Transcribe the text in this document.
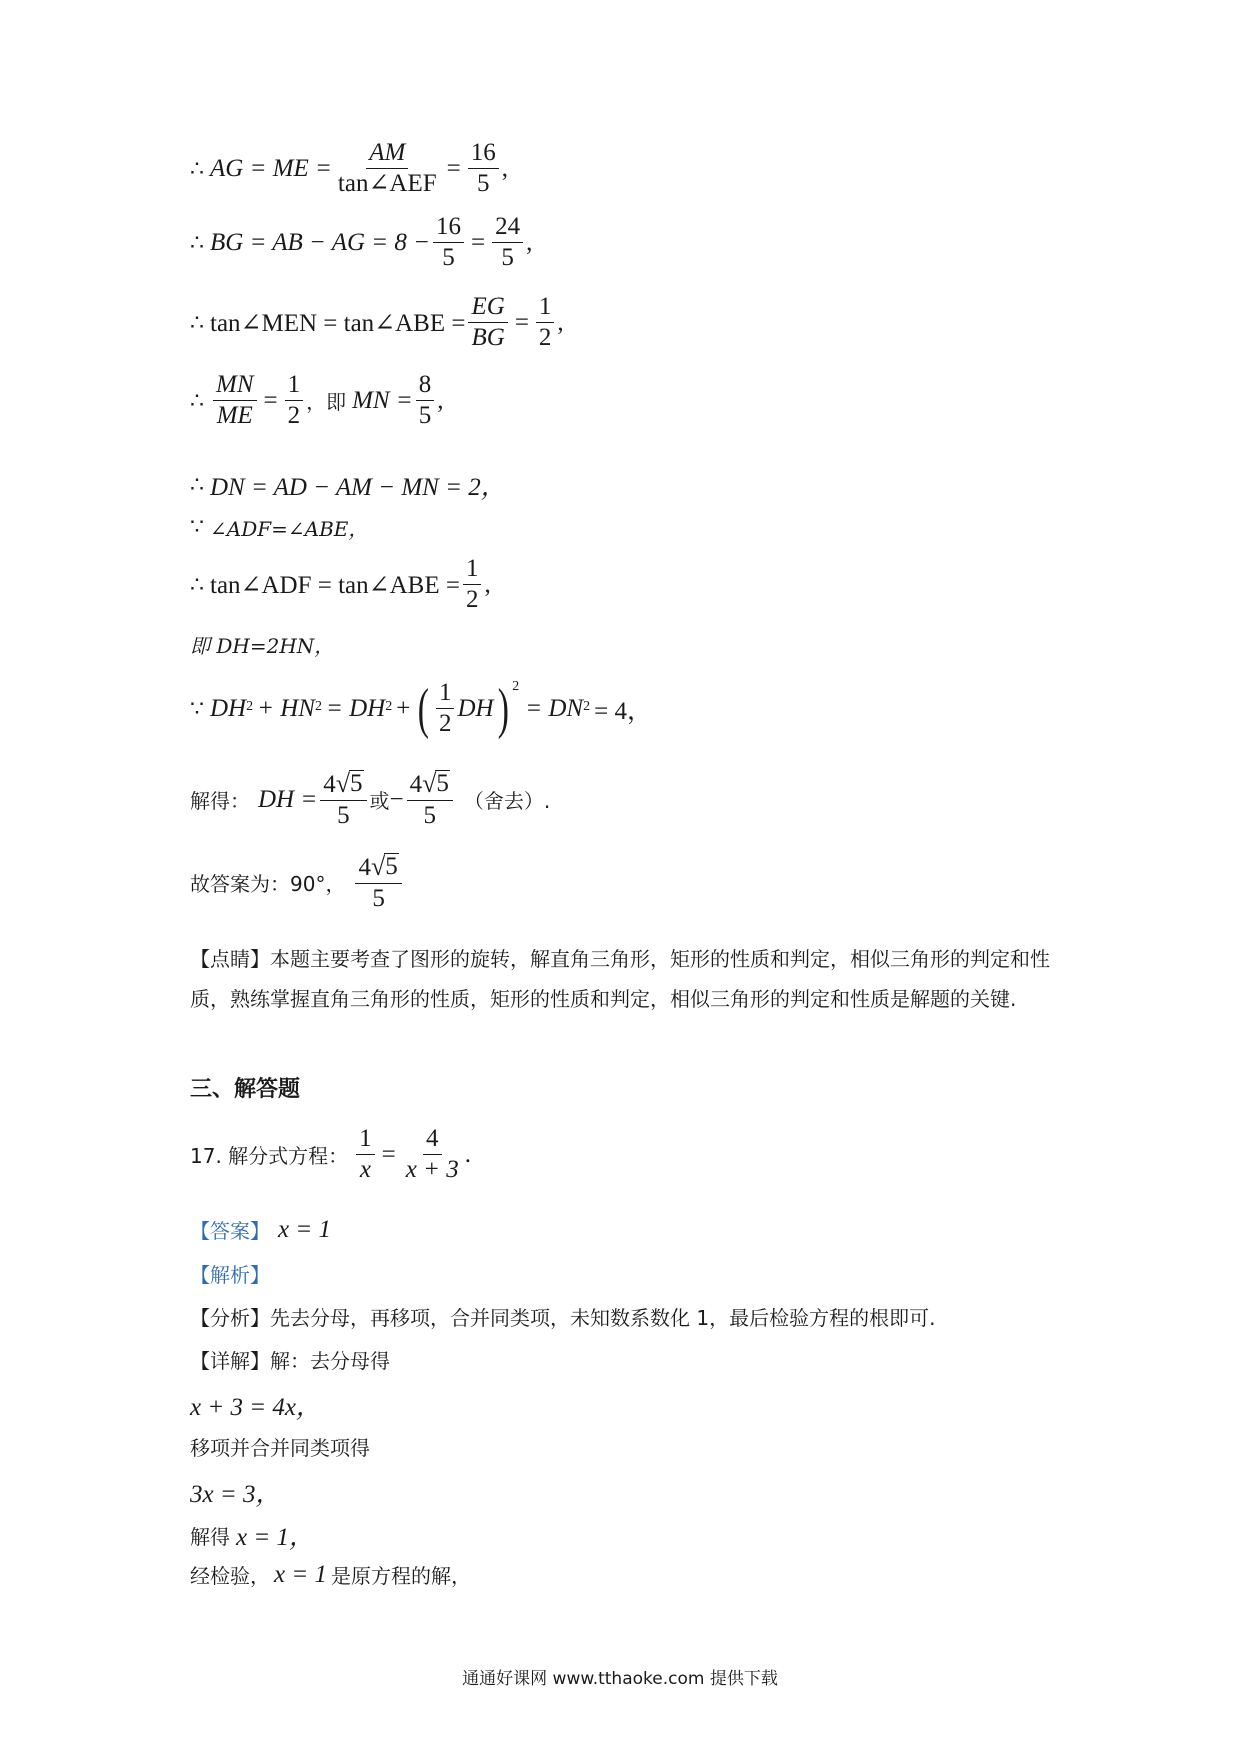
∴ AG = ME = $\frac{AM}{\text{tan∠AEF}} = \frac{16}{5}$ ,
∴ BG = AB − AG = $8 - \frac{16}{5} = \frac{24}{5}$ ,
∴ tan∠MEN = tan∠ABE = $\frac{EG}{BG} = \frac{1}{2}$ ,
∴ $\frac{MN}{ME} = \frac{1}{2}$ ，即 MN = $\frac{8}{5}$ ,
∴ DN = AD − AM − MN = 2，
∵ ∠ADF=∠ABE，
∴ tan∠ADF = tan∠ABE = $\frac{1}{2}$ ,
即 DH=2HN，
∵ DH 2 + HN 2 = DH 2 + ( $\frac{1}{2}$ DH ) 2
= DN 2 = 4，
解得： DH = $\frac{4 √ 5}{5}$ 或 − $\frac{4 √ 5}{5}$ （舍去）.
故答案为：90°， $\frac{4 √ 5}{5}$
【点睛】本题主要考查了图形的旋转，解直角三角形，矩形的性质和判定，相似三角形的判定和性质，熟练掌握直角三角形的性质，矩形的性质和判定，相似三角形的判定和性质是解题的关键.
三、解答题
17. 解分式方程： $\frac{1}{x} = \frac{4}{x + 3}$ .
【答案】 x = 1
【解析】
【分析】先去分母，再移项，合并同类项，未知数系数化 1，最后检验方程的根即可.
【详解】解：去分母得
x + 3 = 4x，
移项并合并同类项得
3x = 3，
解得 x = 1，
经检验， x = 1 是原方程的解，
通通好课网 www.tthaoke.com 提供下载
